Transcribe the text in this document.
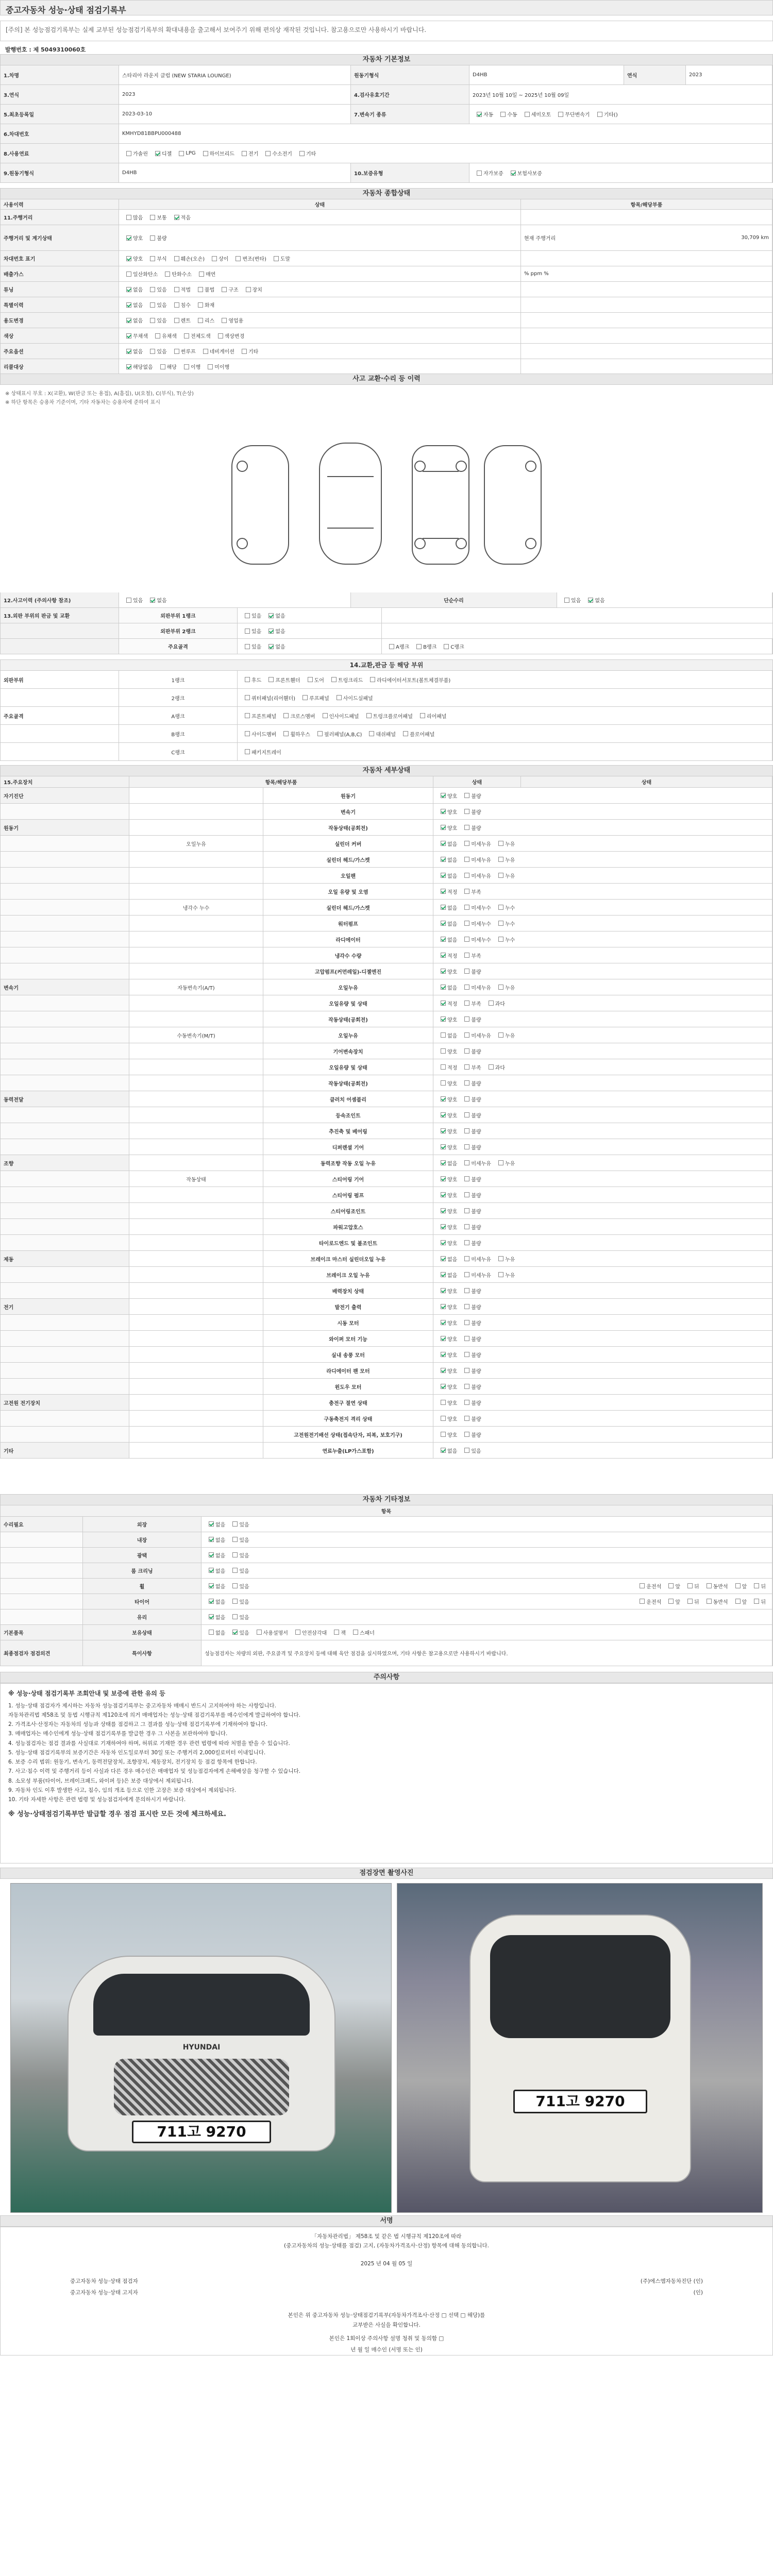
중고자동차 성능·상태 점검기록부
[주의] 본 성능점검기록부는 실제 교부된 성능점검기록부의 확대내용을 출고해서 보여주기 위해 편의상 재작된 것입니다. 참고용으로만 사용하시기 바랍니다.
발행번호 : 제 5049310060호
자동차 기본정보
1.차명	스타리아 라운지 클럽 (NEW STARIA LOUNGE)	원동기형식	D4HB	연식	2023
3.연식	2023	4.검사유효기간	2023년 10월 10일 ~ 2025년 10월 09일
5.최초등록일	2023-03-10	7.변속기 종류	자동	수동	세미오토	무단변속기	기타()
6.차대번호	KMHYD81BBPU000488
8.사용연료	가솔린	디젤	LPG	하이브리드	전기	수소전기	기타
9.원동기형식	D4HB	10.보증유형	자가보증	보험사보증
자동차 종합상태
사용이력	상태	항목/해당부품
11.주행거리	많음	보통	적음
주행거리 및 계기상태	양호	불량	현재 주행거리	30,709 km
차대번호 표기	양호	부식	훼손(오손)	상이	변조(변타)	도말
배출가스	일산화탄소	탄화수소	매연	% ppm %
튜닝	없음	있음	적법	불법	구조	장치
특별이력	없음	있음	침수	화재
용도변경	없음	있음	렌트	리스	영업용
색상	무채색	유채색	전체도색	색상변경
주요옵션	없음	있음	썬루프	네비게이션	기타
리콜대상	해당없음	해당	이행	미이행
사고 교환·수리 등 이력
※ 상태표시 부호 : X(교환), W(판금 또는 용접), A(흠집), U(요철), C(부식), T(손상)
※ 하단 항목은 승용차 기준이며, 기타 자동차는 승용차에 준하여 표시
12.사고이력 (주의사항 참조)	있음	없음	단순수리	있음	없음
13.외판 부위의 판금 및 교환	외판부위 1랭크	있음	없음
외판부위 2랭크	있음	없음
주요골격	있음	없음	A랭크	B랭크	C랭크
14.교환,판금 등 해당 부위
외판부위	1랭크	후드	프론트휀더	도어	트렁크리드	라디에이터서포트(볼트체결부품)
2랭크	쿼터패널(리어휀더)	루프패널	사이드실패널
주요골격	A랭크	프론트패널	크로스멤버	인사이드패널	트렁크플로어패널	리어패널
B랭크	사이드멤버	휠하우스	필러패널(A,B,C)	대쉬패널	플로어패널
C랭크	패키지트레이
자동차 세부상태
15.주요장치	항목/해당부품	상태	상태
자기진단	원동기	양호	불량
변속기	양호	불량
원동기	작동상태(공회전)	양호	불량
오일누유	실린더 커버	없음	미세누유	누유
실린더 헤드/가스켓	없음	미세누유	누유
오일팬	없음	미세누유	누유
오일 유량 및 오염	적정	부족
냉각수 누수	실린더 헤드/가스켓	없음	미세누수	누수
워터펌프	없음	미세누수	누수
라디에이터	없음	미세누수	누수
냉각수 수량	적정	부족
고압펌프(커먼레일)-디젤엔진	양호	불량
변속기	자동변속기(A/T)	오일누유	없음	미세누유	누유
오일유량 및 상태	적정	부족	과다
작동상태(공회전)	양호	불량
수동변속기(M/T)	오일누유	없음	미세누유	누유
기어변속장치	양호	불량
오일유량 및 상태	적정	부족	과다
작동상태(공회전)	양호	불량
동력전달	클러치 어셈블리	양호	불량
등속조인트	양호	불량
추진축 및 베어링	양호	불량
디퍼렌셜 기어	양호	불량
조향	동력조향 작동 오일 누유	없음	미세누유	누유
작동상태	스티어링 기어	양호	불량
스티어링 펌프	양호	불량
스티어링조인트	양호	불량
파워고압호스	양호	불량
타이로드엔드 및 볼조인트	양호	불량
제동	브레이크 마스터 실린더오일 누유	없음	미세누유	누유
브레이크 오일 누유	없음	미세누유	누유
배력장치 상태	양호	불량
전기	발전기 출력	양호	불량
시동 모터	양호	불량
와이퍼 모터 기능	양호	불량
실내 송풍 모터	양호	불량
라디에이터 팬 모터	양호	불량
윈도우 모터	양호	불량
고전원 전기장치	충전구 절연 상태	양호	불량
구동축전지 격리 상태	양호	불량
고전원전기배선 상태(접속단자, 피복, 보호기구)	양호	불량
기타	연료누출(LP가스포함)	없음	있음
자동차 기타정보
항목
수리필요	외장	없음	있음
내장	없음	있음
광택	없음	있음
룸 크리닝	없음	있음
휠	없음	있음	운전석	앞	뒤	동반석	앞	뒤
타이어	없음	있음	운전석	앞	뒤	동반석	앞	뒤
유리	없음	있음
기본품목	보유상태	없음	있음	사용설명서	안전삼각대	잭	스패너
최종점검자 점검의견	특이사항	성능점검자는 차량의 외판, 주요골격 및 주요장치 등에 대해 육안 점검을 실시하였으며, 기타 사항은 참고용으로만 사용하시기 바랍니다.
주의사항

※ 성능·상태 점검기록부 조회안내 및 보증에 관한 유의 등

1. 성능·상태 점검자가 제시하는 자동차 성능점검기록부는 중고자동차 매매시 반드시 고지하여야 하는 사항입니다.

자동차관리법 제58조 및 동법 시행규칙 제120조에 의거 매매업자는 성능·상태 점검기록부를 매수인에게 발급하여야 합니다.

2. 가격조사·산정자는 자동차의 성능과 상태를 점검하고 그 결과를 성능·상태 점검기록부에 기재하여야 합니다.

3. 매매업자는 매수인에게 성능·상태 점검기록부를 발급한 경우 그 사본을 보관하여야 합니다.

4. 성능점검자는 점검 결과를 사실대로 기재하여야 하며, 허위로 기재한 경우 관련 법령에 따라 처벌을 받을 수 있습니다.

5. 성능·상태 점검기록부의 보증기간은 자동차 인도일로부터 30일 또는 주행거리 2,000킬로미터 이내입니다.

6. 보증 수리 범위: 원동기, 변속기, 동력전달장치, 조향장치, 제동장치, 전기장치 등 점검 항목에 한합니다.

7. 사고·침수 이력 및 주행거리 등이 사실과 다른 경우 매수인은 매매업자 및 성능점검자에게 손해배상을 청구할 수 있습니다.

8. 소모성 부품(타이어, 브레이크패드, 와이퍼 등)은 보증 대상에서 제외됩니다.

9. 자동차 인도 이후 발생한 사고, 침수, 임의 개조 등으로 인한 고장은 보증 대상에서 제외됩니다.

10. 기타 자세한 사항은 관련 법령 및 성능점검자에게 문의하시기 바랍니다.

※ 성능·상태점검기록부만 발급할 경우 점검 표시란 모든 것에 체크하세요.

점검장면 촬영사진
HYUNDAI
711고 9270
711고 9270
서명

「자동차관리법」 제58조 및 같은 법 시행규칙 제120조에 따라

(중고자동차의 성능·상태를 점검) 고지, (자동차가격조사·산정) 항목에 대해 동의합니다.

2025 년 04 월 05 일

중고자동차 성능·상태 점검자	(주)에스엠자동차진단 (인)
중고자동차 성능·상태 고지자	(인)

본인은 위 중고자동차 성능·상태점검기록부(자동차가격조사·산정 □ 선택 □ 해당)를

교부받은 사실을 확인합니다.

본인은 1회이상 주의사항 설명 청취 및 동의함 □

년 월 일 매수인 (서명 또는 인)
